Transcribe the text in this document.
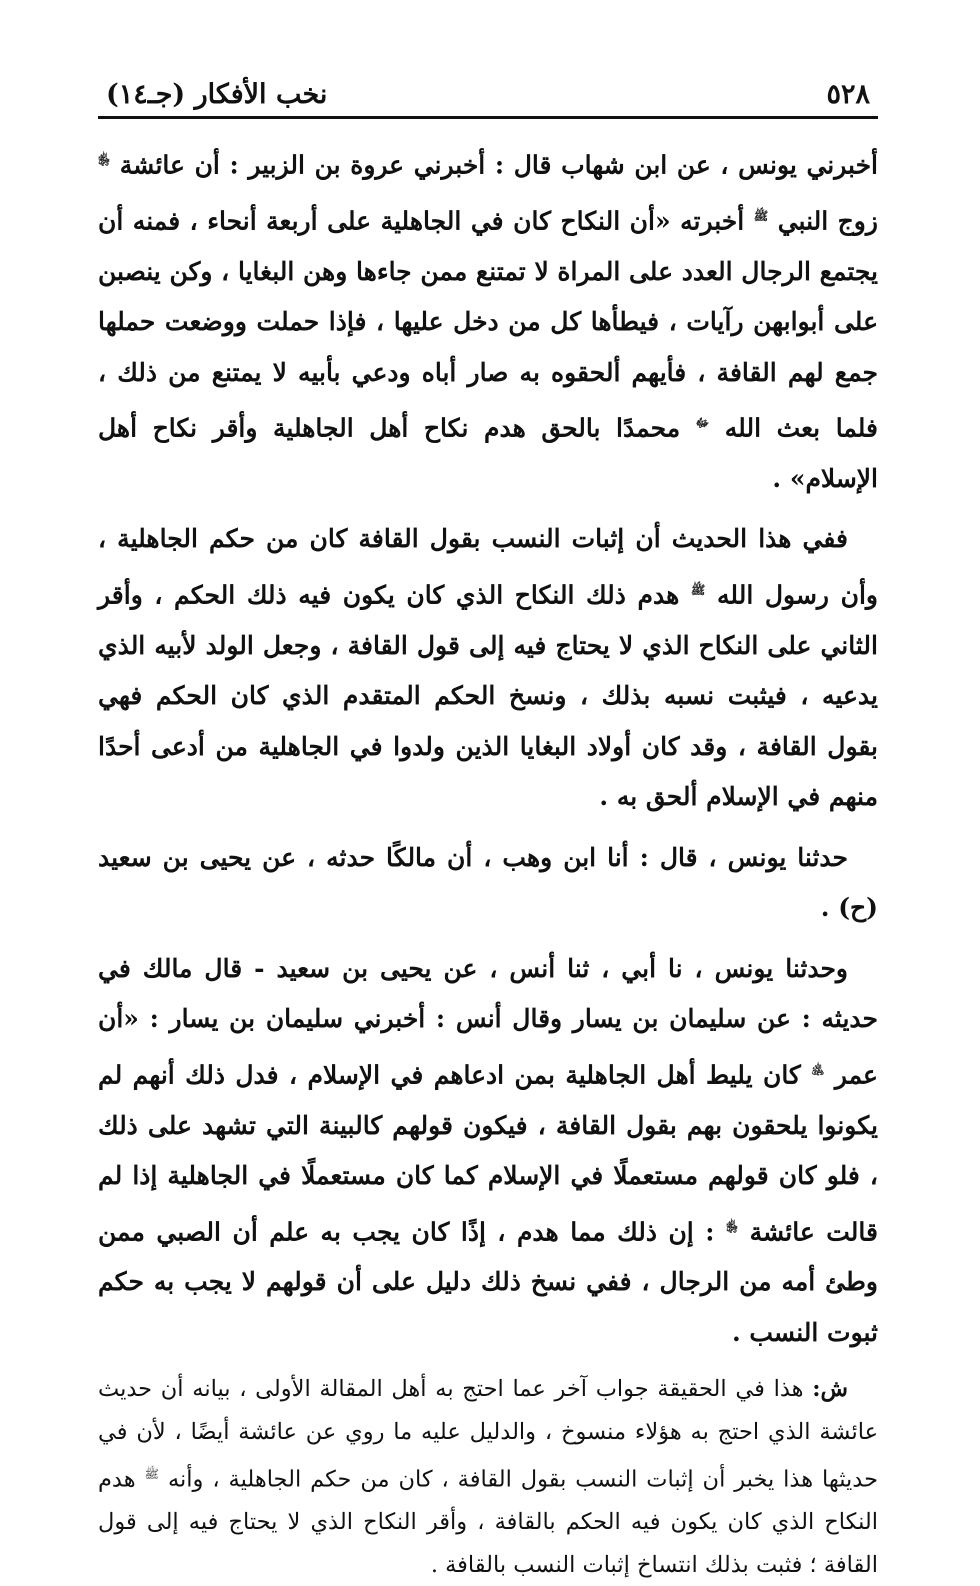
٥٢٨
نخب الأفكار (جـ١٤)

أخبرني يونس ، عن ابن شهاب قال : أخبرني عروة بن الزبير : أن عائشة ﵂ زوج النبي $^ﷺ$ أخبرته «أن النكاح كان في الجاهلية على أربعة أنحاء ، فمنه أن يجتمع الرجال العدد على المراة لا تمتنع ممن جاءها وهن البغايا ، وكن ينصبن على أبوابهن رآيات ، فيطأها كل من دخل عليها ، فإذا حملت ووضعت حملها جمع لهم القافة ، فأيهم ألحقوه به صار أباه ودعي بأبيه لا يمتنع من ذلك ، فلما بعث الله $^ﷻ$ محمدًا بالحق هدم نكاح أهل الجاهلية وأقر نكاح أهل الإسلام» .

ففي هذا الحديث أن إثبات النسب بقول القافة كان من حكم الجاهلية ، وأن رسول الله $^ﷺ$ هدم ذلك النكاح الذي كان يكون فيه ذلك الحكم ، وأقر الثاني على النكاح الذي لا يحتاج فيه إلى قول القافة ، وجعل الولد لأبيه الذي يدعيه ، فيثبت نسبه بذلك ، ونسخ الحكم المتقدم الذي كان الحكم فهي بقول القافة ، وقد كان أولاد البغايا الذين ولدوا في الجاهلية من أدعى أحدًا منهم في الإسلام ألحق به .

حدثنا يونس ، قال : أنا ابن وهب ، أن مالكًا حدثه ، عن يحيى بن سعيد (ح) .

وحدثنا يونس ، نا أبي ، ثنا أنس ، عن يحيى بن سعيد - قال مالك في حديثه : عن سليمان بن يسار وقال أنس : أخبرني سليمان بن يسار : «أن عمر ﵁ كان يليط أهل الجاهلية بمن ادعاهم في الإسلام ، فدل ذلك أنهم لم يكونوا يلحقون بهم بقول القافة ، فيكون قولهم كالبينة التي تشهد على ذلك ، فلو كان قولهم مستعملًا في الإسلام كما كان مستعملًا في الجاهلية إذا لم قالت عائشة ﵂ : إن ذلك مما هدم ، إذًا كان يجب به علم أن الصبي ممن وطئ أمه من الرجال ، ففي نسخ ذلك دليل على أن قولهم لا يجب به حكم ثبوت النسب .

ش: هذا في الحقيقة جواب آخر عما احتج به أهل المقالة الأولى ، بيانه أن حديث عائشة الذي احتج به هؤلاء منسوخ ، والدليل عليه ما روي عن عائشة أيضًا ، لأن في حديثها هذا يخبر أن إثبات النسب بقول القافة ، كان من حكم الجاهلية ، وأنه $^ﷺ$ هدم النكاح الذي كان يكون فيه الحكم بالقافة ، وأقر النكاح الذي لا يحتاج فيه إلى قول القافة ؛ فثبت بذلك انتساخ إثبات النسب بالقافة .
